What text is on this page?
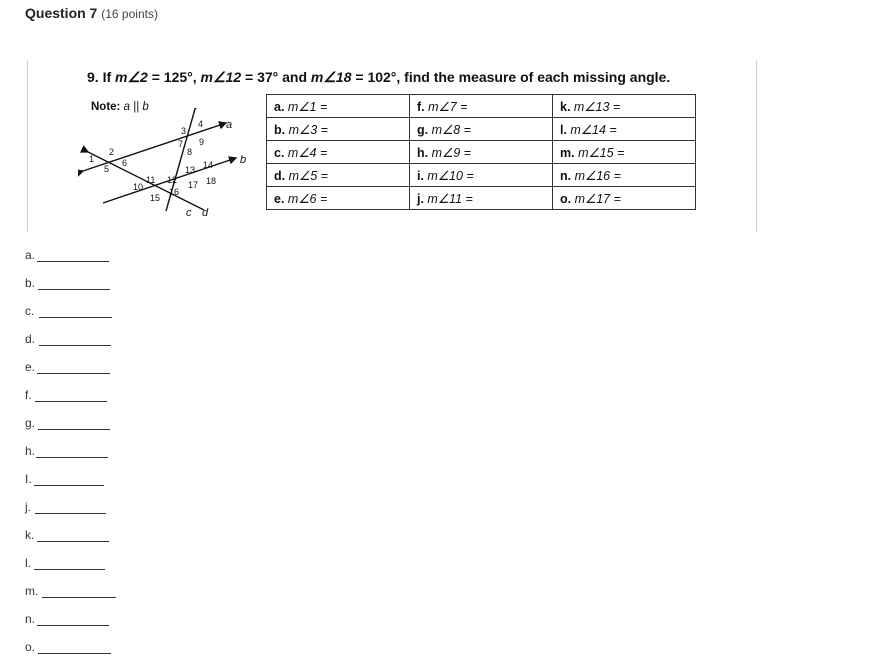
Question 7 (16 points)
9. If m∠2 = 125°, m∠12 = 37° and m∠18 = 102°, find the measure of each missing angle.
Note: a || b
a
b
c d
1
2
3
4
5
6
7
8
9
10
11 12
13 14
15
16
17 18
a. m∠1 =	f. m∠7 =	k. m∠13 =
b. m∠3 =	g. m∠8 =	l. m∠14 =
c. m∠4 =	h. m∠9 =	m. m∠15 =
d. m∠5 =	i. m∠10 =	n. m∠16 =
e. m∠6 =	j. m∠11 =	o. m∠17 =
a.
b.
c.
d.
e.
f.
g.
h.
I.
j.
k.
l.
m.
n.
o.
